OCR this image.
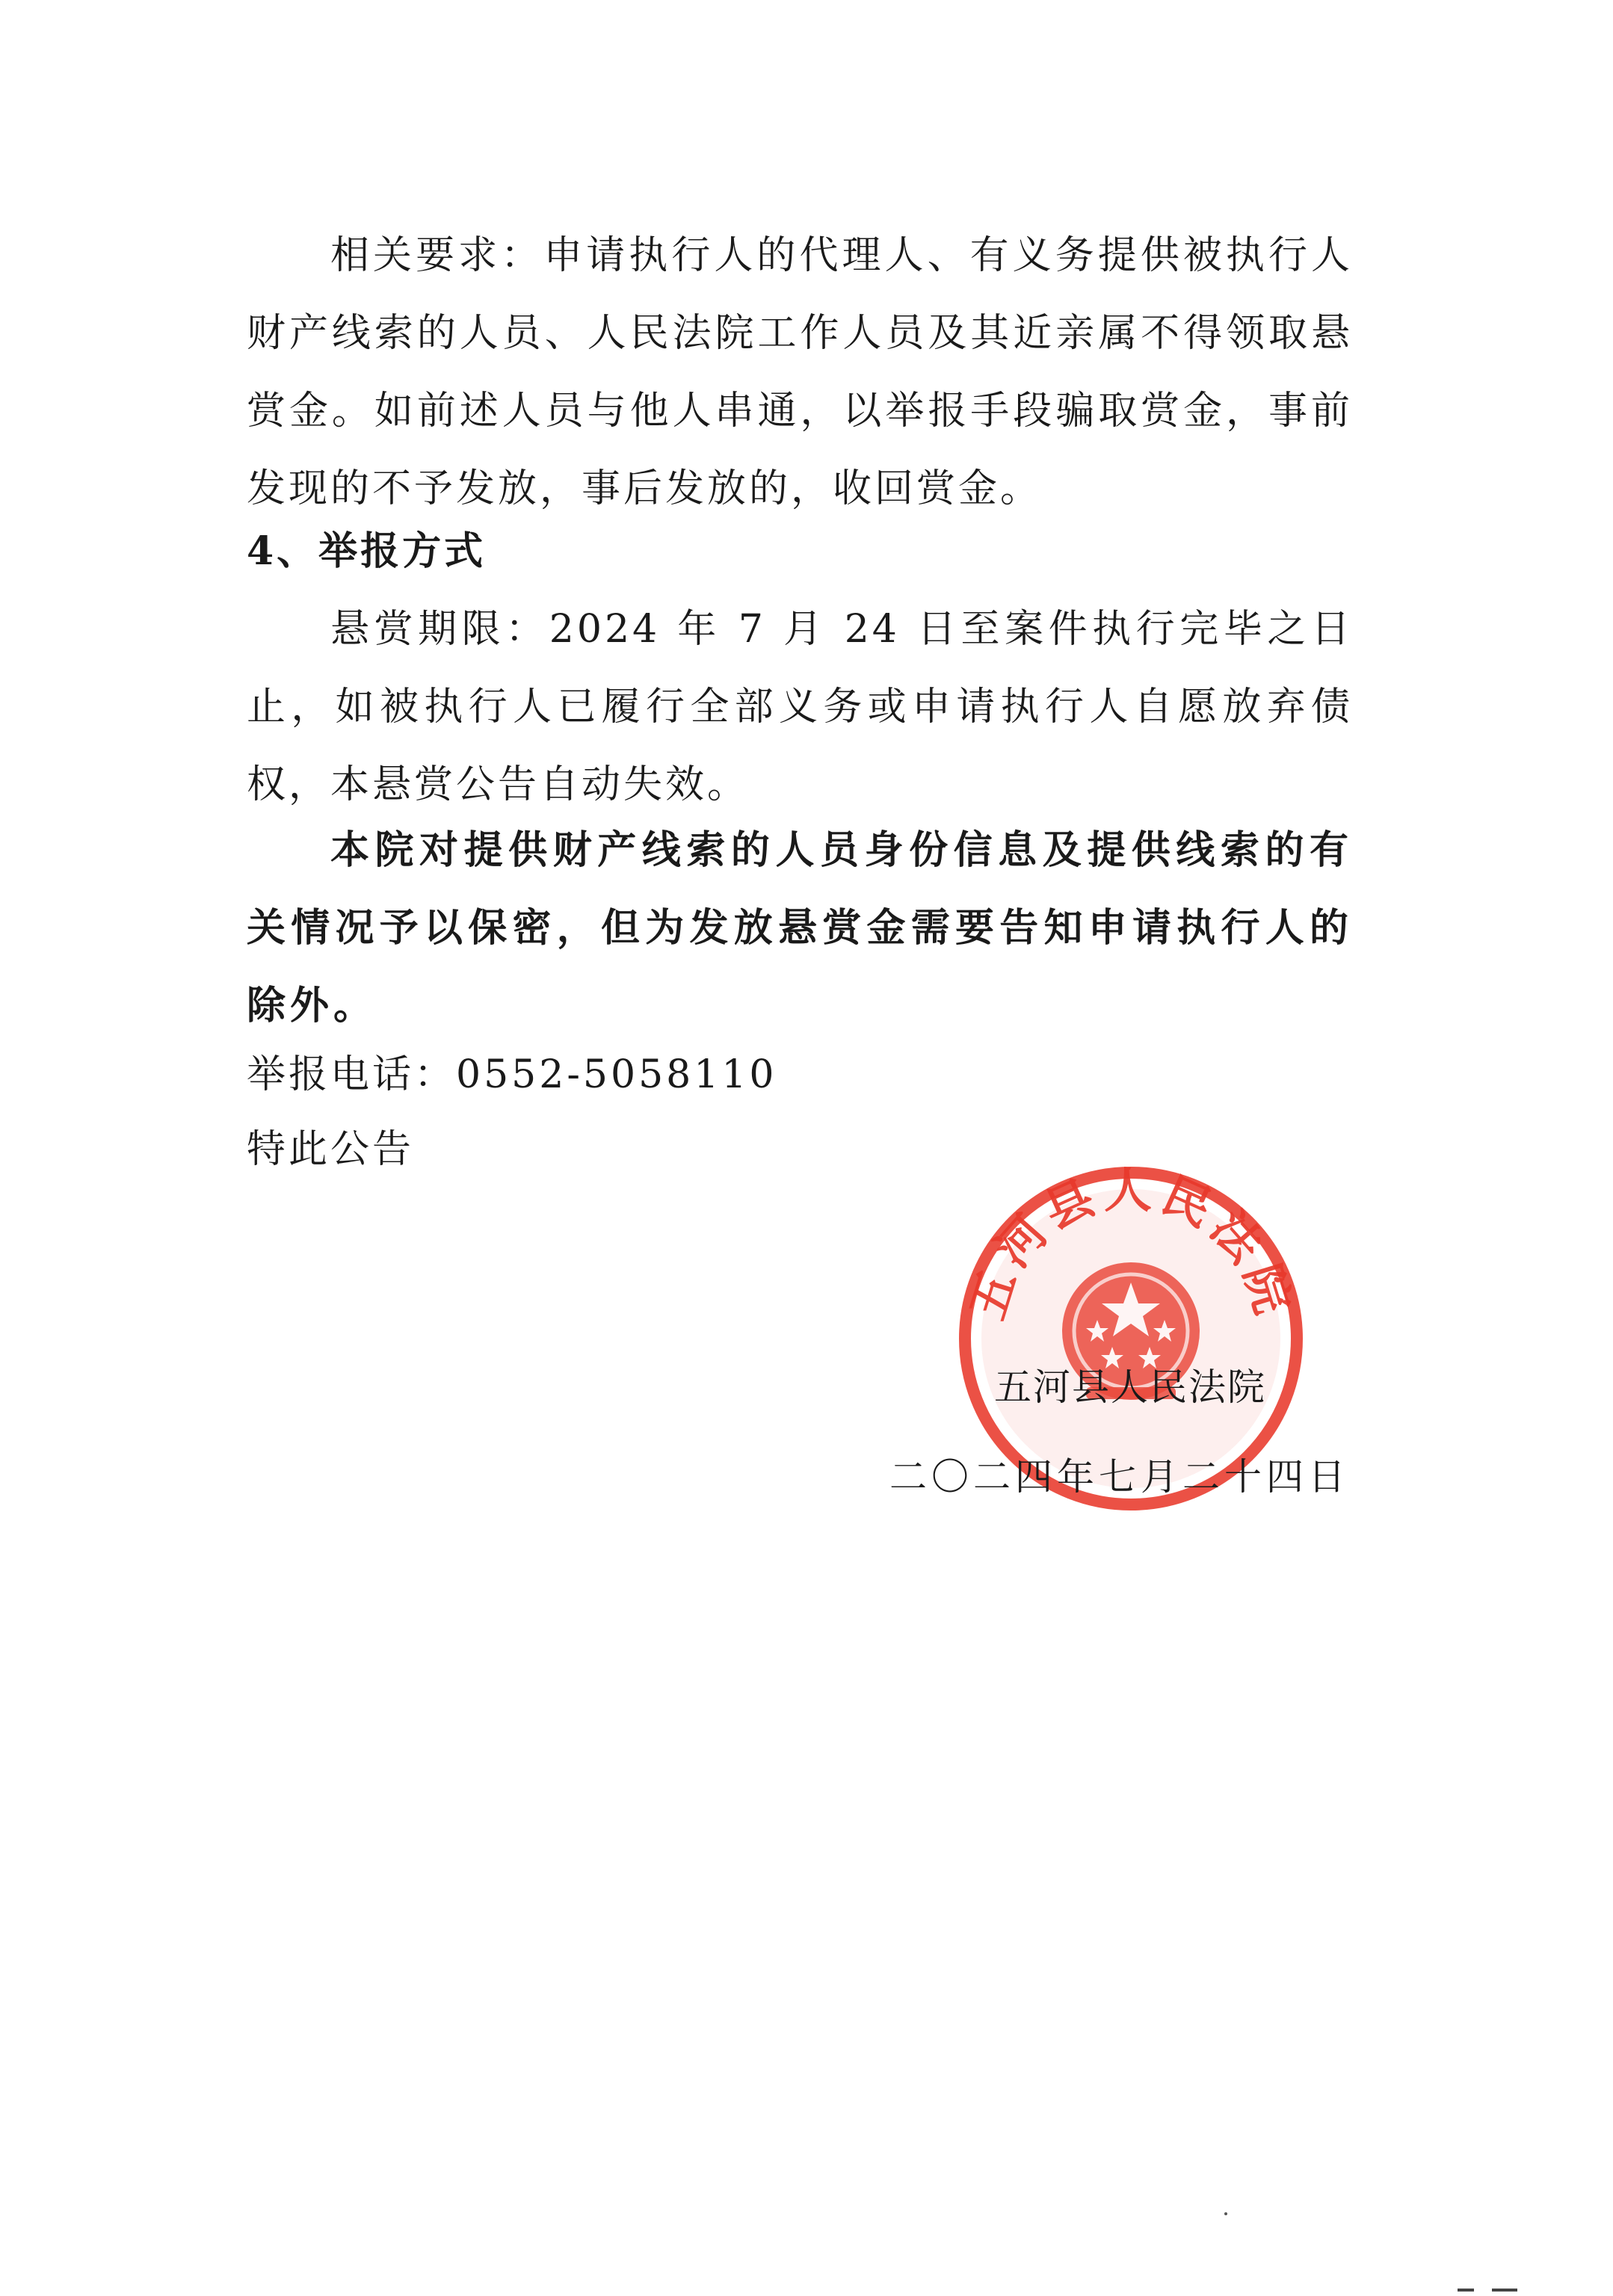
相关要求：申请执行人的代理人、有义务提供被执行人财产线索的人员、人民法院工作人员及其近亲属不得领取悬赏金。如前述人员与他人串通，以举报手段骗取赏金，事前发现的不予发放，事后发放的，收回赏金。

4、举报方式

悬赏期限：2024 年 7 月 24 日至案件执行完毕之日止，如被执行人已履行全部义务或申请执行人自愿放弃债权，本悬赏公告自动失效。

本院对提供财产线索的人员身份信息及提供线索的有关情况予以保密，但为发放悬赏金需要告知申请执行人的除外。

举报电话：0552-5058110

特此公告

五河县人民法院
五河县人民法院
二〇二四年七月二十四日
